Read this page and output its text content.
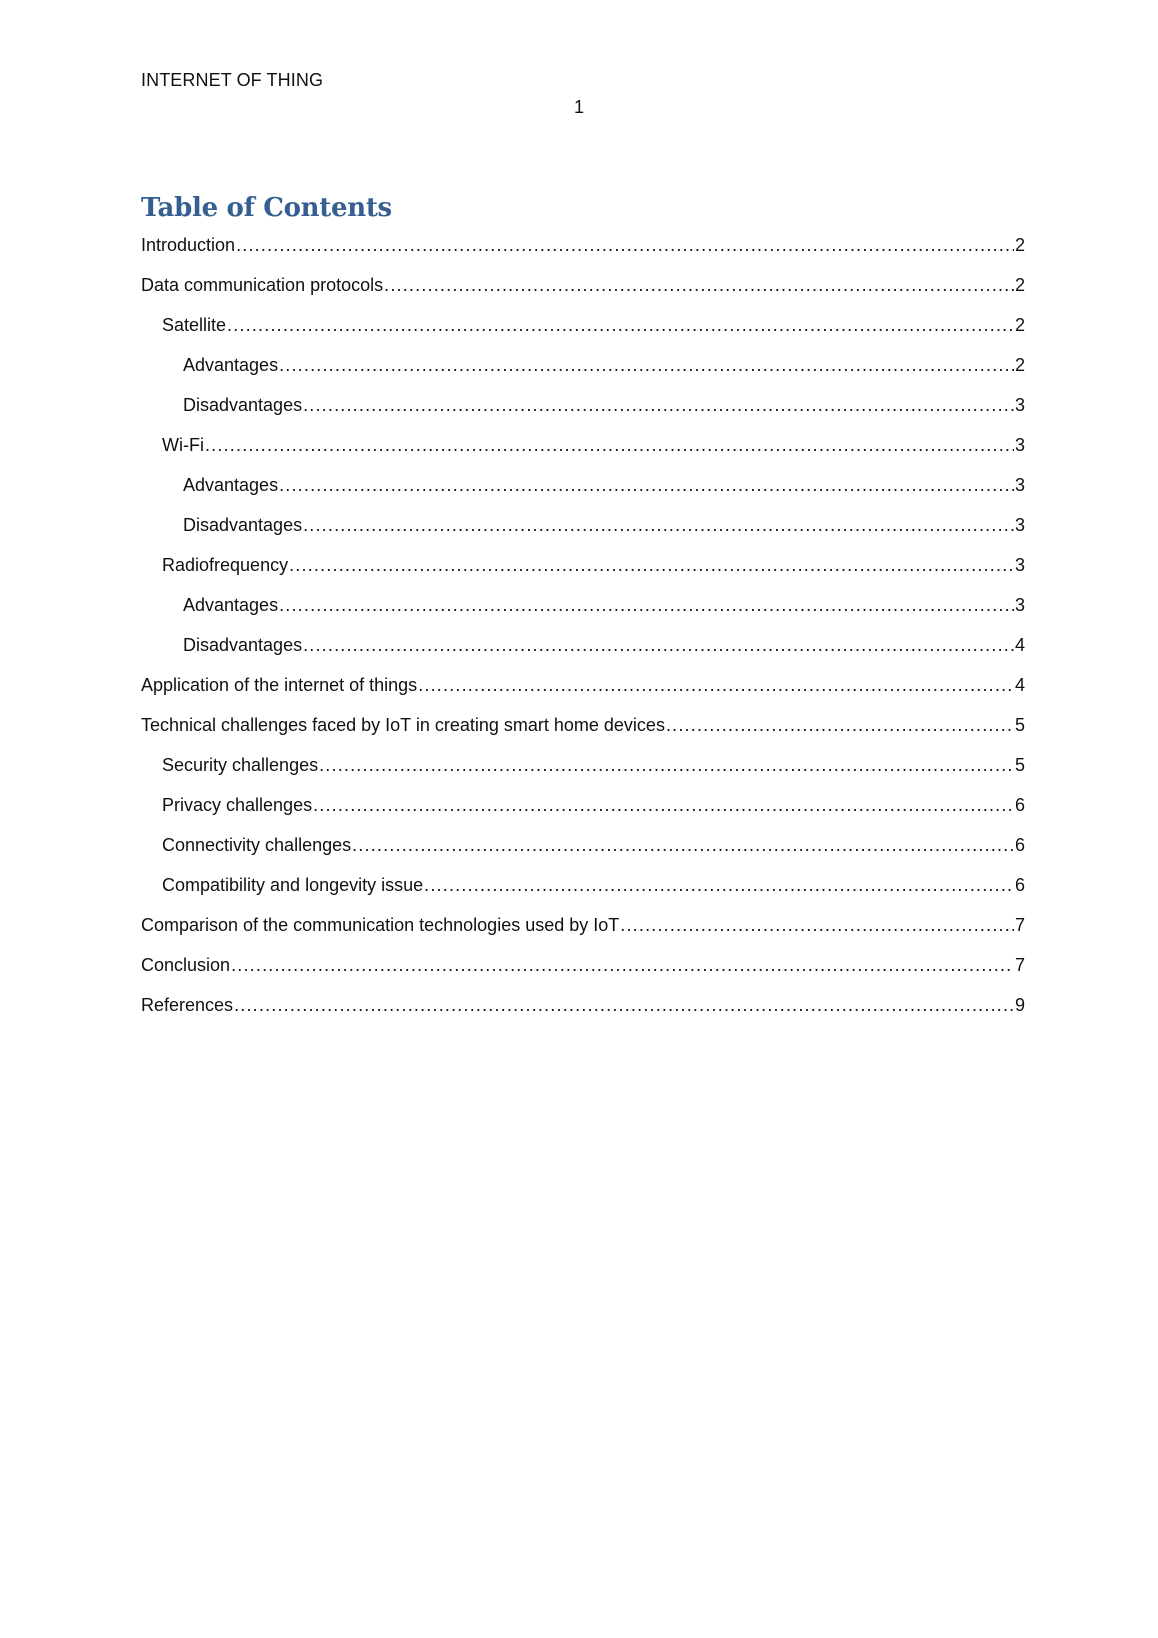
INTERNET OF THING
1
Table of Contents
Introduction .....	2
Data communication protocols .....	2
Satellite .....	2
Advantages .....	2
Disadvantages .....	3
Wi-Fi .....	3
Advantages .....	3
Disadvantages .....	3
Radiofrequency .....	3
Advantages .....	3
Disadvantages .....	4
Application of the internet of things .....	4
Technical challenges faced by IoT in creating smart home devices .....	5
Security challenges .....	5
Privacy challenges .....	6
Connectivity challenges .....	6
Compatibility and longevity issue .....	6
Comparison of the communication technologies used by IoT .....	7
Conclusion .....	7
References .....	9
